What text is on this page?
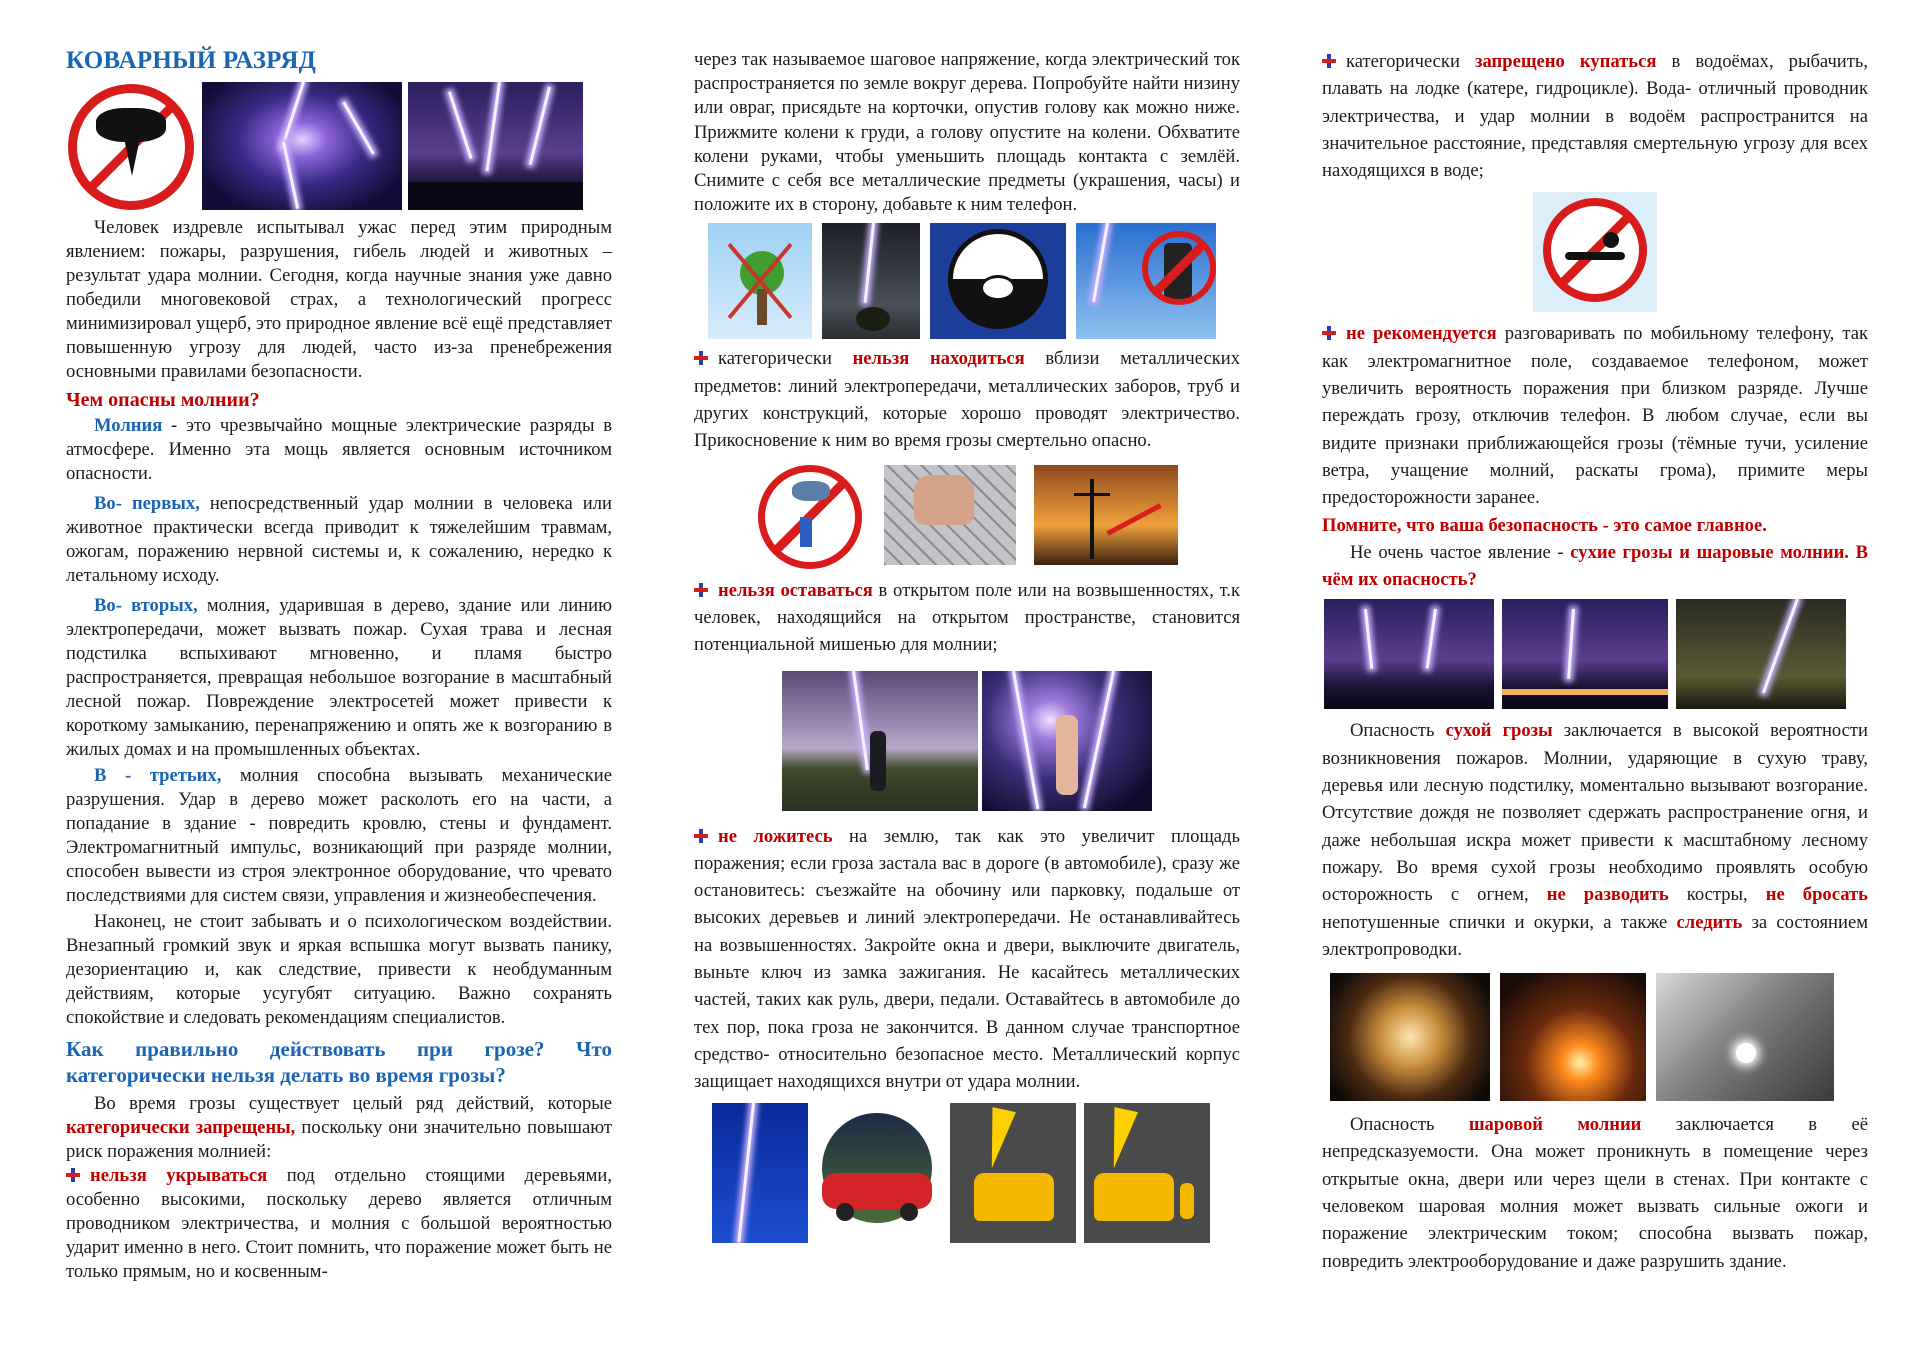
КОВАРНЫЙ РАЗРЯД

Человек издревле испытывал ужас перед этим природным явлением: пожары, разрушения, гибель людей и животных – результат удара молнии. Сегодня, когда научные знания уже давно победили многовековой страх, а технологический прогресс минимизировал ущерб, это природное явление всё ещё представляет повышенную угрозу для людей, часто из-за пренебрежения основными правилами безопасности.

Чем опасны молнии?

Молния - это чрезвычайно мощные электрические разряды в атмосфере. Именно эта мощь является основным источником опасности.

Во- первых, непосредственный удар молнии в человека или животное практически всегда приводит к тяжелейшим травмам, ожогам, поражению нервной системы и, к сожалению, нередко к летальному исходу.

Во- вторых, молния, ударившая в дерево, здание или линию электропередачи, может вызвать пожар. Сухая трава и лесная подстилка вспыхивают мгновенно, и пламя быстро распространяется, превращая небольшое возгорание в масштабный лесной пожар. Повреждение электросетей может привести к короткому замыканию, перенапряжению и опять же к возгоранию в жилых домах и на промышленных объектах.

В - третьих, молния способна вызывать механические разрушения. Удар в дерево может расколоть его на части, а попадание в здание - повредить кровлю, стены и фундамент. Электромагнитный импульс, возникающий при разряде молнии, способен вывести из строя электронное оборудование, что чревато последствиями для систем связи, управления и жизнеобеспечения.

Наконец, не стоит забывать и о психологическом воздействии. Внезапный громкий звук и яркая вспышка могут вызвать панику, дезориентацию и, как следствие, привести к необдуманным действиям, которые усугубят ситуацию. Важно сохранять спокойствие и следовать рекомендациям специалистов.

Как правильно действовать при грозе? Что категорически нельзя делать во время грозы?

Во время грозы существует целый ряд действий, которые категорически запрещены, поскольку они значительно повышают риск поражения молнией:

нельзя укрываться под отдельно стоящими деревьями, особенно высокими, поскольку дерево является отличным проводником электричества, и молния с большой вероятностью ударит именно в него. Стоит помнить, что поражение может быть не только прямым, но и косвенным-

через так называемое шаговое напряжение, когда электрический ток распространяется по земле вокруг дерева. Попробуйте найти низину или овраг, присядьте на корточки, опустив голову как можно ниже. Прижмите колени к груди, а голову опустите на колени. Обхватите колени руками, чтобы уменьшить площадь контакта с землёй. Снимите с себя все металлические предметы (украшения, часы) и положите их в сторону, добавьте к ним телефон.

категорически нельзя находиться вблизи металлических предметов: линий электропередачи, металлических заборов, труб и других конструкций, которые хорошо проводят электричество. Прикосновение к ним во время грозы смертельно опасно.

нельзя оставаться в открытом поле или на возвышенностях, т.к человек, находящийся на открытом пространстве, становится потенциальной мишенью для молнии;

не ложитесь на землю, так как это увеличит площадь поражения; если гроза застала вас в дороге (в автомобиле), сразу же остановитесь: съезжайте на обочину или парковку, подальше от высоких деревьев и линий электропередачи. Не останавливайтесь на возвышенностях. Закройте окна и двери, выключите двигатель, выньте ключ из замка зажигания. Не касайтесь металлических частей, таких как руль, двери, педали. Оставайтесь в автомобиле до тех пор, пока гроза не закончится. В данном случае транспортное средство- относительно безопасное место. Металлический корпус защищает находящихся внутри от удара молнии.

категорически запрещено купаться в водоёмах, рыбачить, плавать на лодке (катере, гидроцикле). Вода- отличный проводник электричества, и удар молнии в водоём распространится на значительное расстояние, представляя смертельную угрозу для всех находящихся в воде;

не рекомендуется разговаривать по мобильному телефону, так как электромагнитное поле, создаваемое телефоном, может увеличить вероятность поражения при близком разряде. Лучше переждать грозу, отключив телефон. В любом случае, если вы видите признаки приближающейся грозы (тёмные тучи, усиление ветра, учащение молний, раскаты грома), примите меры предосторожности заранее.

Помните, что ваша безопасность - это самое главное.

Не очень частое явление - сухие грозы и шаровые молнии. В чём их опасность?

Опасность сухой грозы заключается в высокой вероятности возникновения пожаров. Молнии, ударяющие в сухую траву, деревья или лесную подстилку, моментально вызывают возгорание. Отсутствие дождя не позволяет сдержать распространение огня, и даже небольшая искра может привести к масштабному лесному пожару. Во время сухой грозы необходимо проявлять особую осторожность с огнем, не разводить костры, не бросать непотушенные спички и окурки, а также следить за состоянием электропроводки.

Опасность шаровой молнии заключается в её непредсказуемости. Она может проникнуть в помещение через открытые окна, двери или через щели в стенах. При контакте с человеком шаровая молния может вызвать сильные ожоги и поражение электрическим током; способна вызвать пожар, повредить электрооборудование и даже разрушить здание.
